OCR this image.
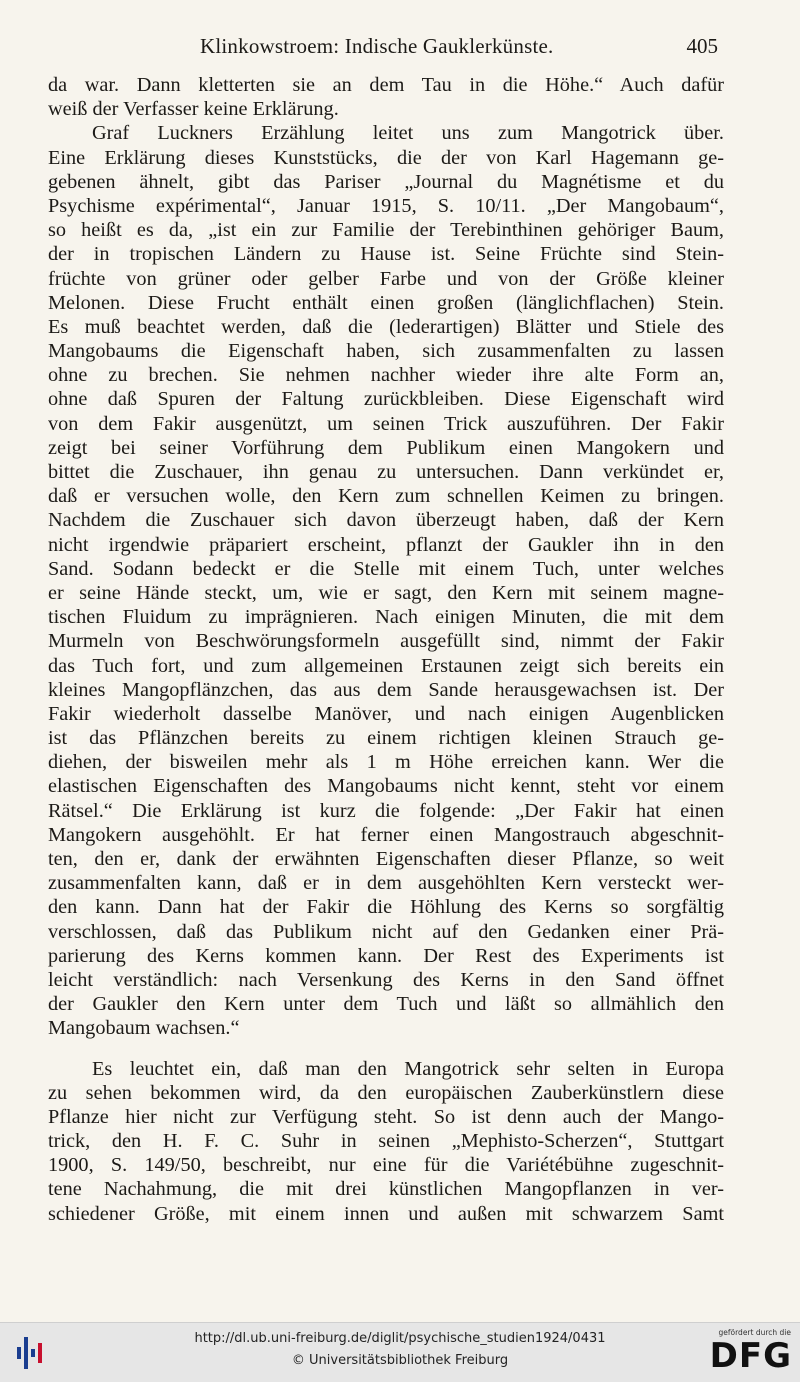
Klinkowstroem: Indische Gauklerkünste.	405
da war. Dann kletterten sie an dem Tau in die Höhe.“ Auch dafür
weiß der Verfasser keine Erklärung.
Graf Luckners Erzählung leitet uns zum Mangotrick über.
Eine Erklärung dieses Kunststücks, die der von Karl Hagemann ge-
gebenen ähnelt, gibt das Pariser „Journal du Magnétisme et du
Psychisme expérimental“, Januar 1915, S. 10/11. „Der Mangobaum“,
so heißt es da, „ist ein zur Familie der Terebinthinen gehöriger Baum,
der in tropischen Ländern zu Hause ist. Seine Früchte sind Stein-
früchte von grüner oder gelber Farbe und von der Größe kleiner
Melonen. Diese Frucht enthält einen großen (länglichflachen) Stein.
Es muß beachtet werden, daß die (lederartigen) Blätter und Stiele des
Mangobaums die Eigenschaft haben, sich zusammenfalten zu lassen
ohne zu brechen. Sie nehmen nachher wieder ihre alte Form an,
ohne daß Spuren der Faltung zurückbleiben. Diese Eigenschaft wird
von dem Fakir ausgenützt, um seinen Trick auszuführen. Der Fakir
zeigt bei seiner Vorführung dem Publikum einen Mangokern und
bittet die Zuschauer, ihn genau zu untersuchen. Dann verkündet er,
daß er versuchen wolle, den Kern zum schnellen Keimen zu bringen.
Nachdem die Zuschauer sich davon überzeugt haben, daß der Kern
nicht irgendwie präpariert erscheint, pflanzt der Gaukler ihn in den
Sand. Sodann bedeckt er die Stelle mit einem Tuch, unter welches
er seine Hände steckt, um, wie er sagt, den Kern mit seinem magne-
tischen Fluidum zu imprägnieren. Nach einigen Minuten, die mit dem
Murmeln von Beschwörungsformeln ausgefüllt sind, nimmt der Fakir
das Tuch fort, und zum allgemeinen Erstaunen zeigt sich bereits ein
kleines Mangopflänzchen, das aus dem Sande herausgewachsen ist. Der
Fakir wiederholt dasselbe Manöver, und nach einigen Augenblicken
ist das Pflänzchen bereits zu einem richtigen kleinen Strauch ge-
diehen, der bisweilen mehr als 1 m Höhe erreichen kann. Wer die
elastischen Eigenschaften des Mangobaums nicht kennt, steht vor einem
Rätsel.“ Die Erklärung ist kurz die folgende: „Der Fakir hat einen
Mangokern ausgehöhlt. Er hat ferner einen Mangostrauch abgeschnit-
ten, den er, dank der erwähnten Eigenschaften dieser Pflanze, so weit
zusammenfalten kann, daß er in dem ausgehöhlten Kern versteckt wer-
den kann. Dann hat der Fakir die Höhlung des Kerns so sorgfältig
verschlossen, daß das Publikum nicht auf den Gedanken einer Prä-
parierung des Kerns kommen kann. Der Rest des Experiments ist
leicht verständlich: nach Versenkung des Kerns in den Sand öffnet
der Gaukler den Kern unter dem Tuch und läßt so allmählich den
Mangobaum wachsen.“
Es leuchtet ein, daß man den Mangotrick sehr selten in Europa
zu sehen bekommen wird, da den europäischen Zauberkünstlern diese
Pflanze hier nicht zur Verfügung steht. So ist denn auch der Mango-
trick, den H. F. C. Suhr in seinen „Mephisto-Scherzen“, Stuttgart
1900, S. 149/50, beschreibt, nur eine für die Variétébühne zugeschnit-
tene Nachahmung, die mit drei künstlichen Mangopflanzen in ver-
schiedener Größe, mit einem innen und außen mit schwarzem Samt
http://dl.ub.uni-freiburg.de/diglit/psychische_studien1924/0431
© Universitätsbibliothek Freiburg
gefördert durch die
DFG
